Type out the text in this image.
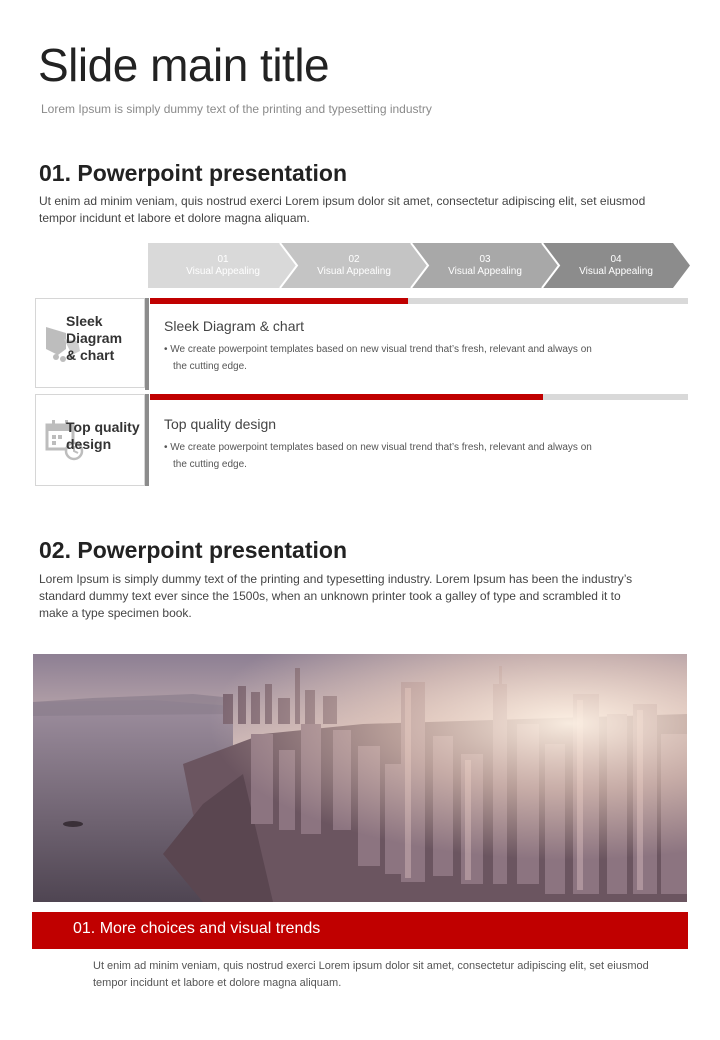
Slide main title
Lorem Ipsum is simply dummy text of the printing and typesetting industry
01. Powerpoint presentation
Ut enim ad minim veniam, quis nostrud exerci Lorem ipsum dolor sit amet, consectetur adipiscing elit, set eiusmod
tempor incidunt et labore et dolore magna aliquam.
01
Visual Appealing
02
Visual Appealing
03
Visual Appealing
04
Visual Appealing
Sleek
Diagram
& chart
Sleek Diagram & chart
• We create powerpoint templates based on new visual trend that’s fresh, relevant and always on
the cutting edge.
Top quality
design
Top quality design
• We create powerpoint templates based on new visual trend that’s fresh, relevant and always on
the cutting edge.
02. Powerpoint presentation
Lorem Ipsum is simply dummy text of the printing and typesetting industry. Lorem Ipsum has been the industry’s
standard dummy text ever since the 1500s, when an unknown printer took a galley of type and scrambled it to
make a type specimen book.
01. More choices and visual trends
Ut enim ad minim veniam, quis nostrud exerci Lorem ipsum dolor sit amet, consectetur adipiscing elit, set eiusmod
tempor incidunt et labore et dolore magna aliquam.
